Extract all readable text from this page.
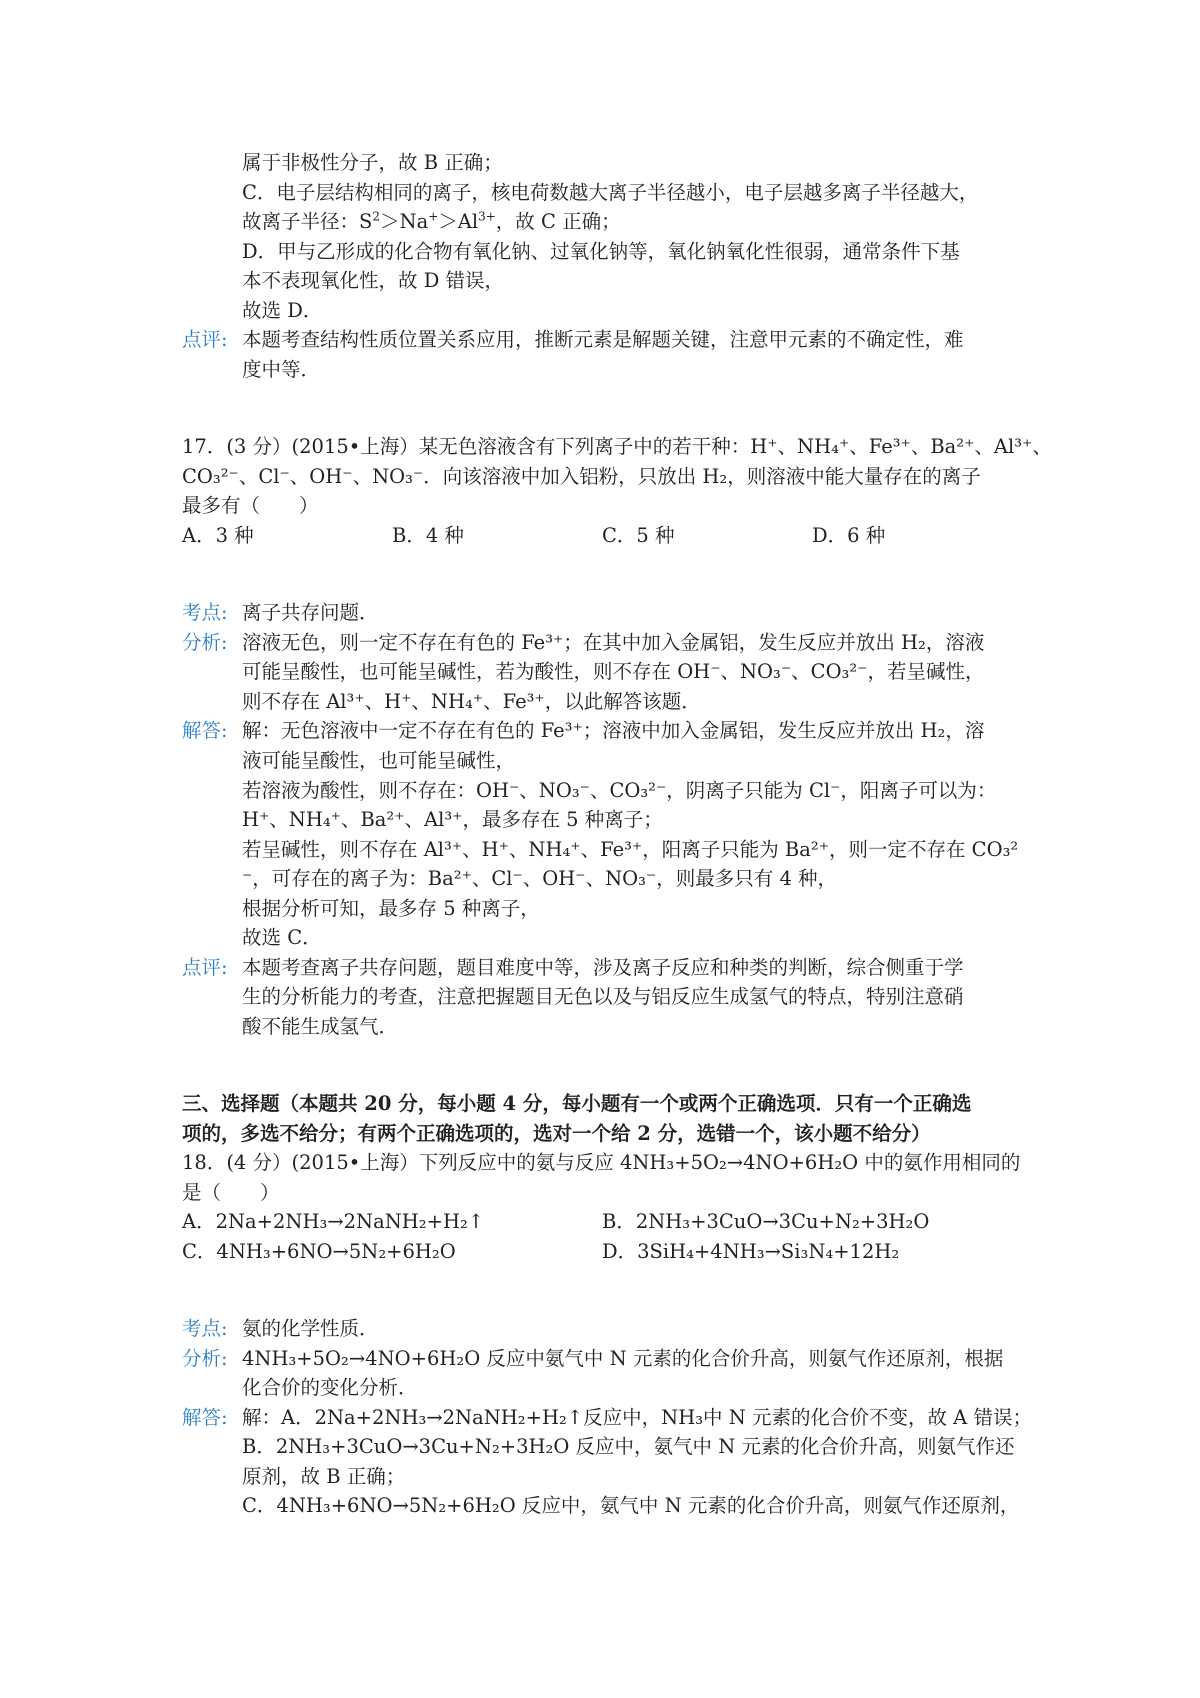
属于非极性分子，故 B 正确；
C．电子层结构相同的离子，核电荷数越大离子半径越小，电子层越多离子半径越大，
故离子半径：$S^2>Na^+>Al^{3+}$，故 C 正确；
D．甲与乙形成的化合物有氧化钠、过氧化钠等，氧化钠氧化性很弱，通常条件下基
本不表现氧化性，故 D 错误，
故选 D．
点评: 本题考查结构性质位置关系应用，推断元素是解题关键，注意甲元素的不确定性，难
度中等．
17．(3 分）(2015•上海）某无色溶液含有下列离子中的若干种：H⁺、NH₄⁺、Fe³⁺、Ba²⁺、Al³⁺、
CO₃²⁻、Cl⁻、OH⁻、NO₃⁻．向该溶液中加入铝粉，只放出 H₂，则溶液中能大量存在的离子
最多有（　　）
A．3 种	B．4 种	C．5 种	D．6 种
考点: 离子共存问题．
分析: 溶液无色，则一定不存在有色的 Fe³⁺；在其中加入金属铝，发生反应并放出 H₂，溶液
可能呈酸性，也可能呈碱性，若为酸性，则不存在 OH⁻、NO₃⁻、CO₃²⁻，若呈碱性，
则不存在 Al³⁺、H⁺、NH₄⁺、Fe³⁺，以此解答该题．
解答: 解：无色溶液中一定不存在有色的 Fe³⁺；溶液中加入金属铝，发生反应并放出 H₂，溶
液可能呈酸性，也可能呈碱性，
若溶液为酸性，则不存在：OH⁻、NO₃⁻、CO₃²⁻，阴离子只能为 Cl⁻，阳离子可以为：
H⁺、NH₄⁺、Ba²⁺、Al³⁺，最多存在 5 种离子；
若呈碱性，则不存在 Al³⁺、H⁺、NH₄⁺、Fe³⁺，阳离子只能为 Ba²⁺，则一定不存在 CO₃²
⁻，可存在的离子为：Ba²⁺、Cl⁻、OH⁻、NO₃⁻，则最多只有 4 种，
根据分析可知，最多存 5 种离子，
故选 C．
点评: 本题考查离子共存问题，题目难度中等，涉及离子反应和种类的判断，综合侧重于学
生的分析能力的考查，注意把握题目无色以及与铝反应生成氢气的特点，特别注意硝
酸不能生成氢气．
三、选择题（本题共 20 分，每小题 4 分，每小题有一个或两个正确选项．只有一个正确选
项的，多选不给分；有两个正确选项的，选对一个给 2 分，选错一个，该小题不给分）
18．(4 分）(2015•上海）下列反应中的氨与反应 4NH₃+5O₂→4NO+6H₂O 中的氨作用相同的
是（　　）
A．2Na+2NH₃→2NaNH₂+H₂↑	B．2NH₃+3CuO→3Cu+N₂+3H₂O
C．4NH₃+6NO→5N₂+6H₂O	D．3SiH₄+4NH₃→Si₃N₄+12H₂
考点: 氨的化学性质．
分析: 4NH₃+5O₂→4NO+6H₂O 反应中氨气中 N 元素的化合价升高，则氨气作还原剂，根据
化合价的变化分析．
解答: 解：A．2Na+2NH₃→2NaNH₂+H₂↑反应中，NH₃中 N 元素的化合价不变，故 A 错误；
B．2NH₃+3CuO→3Cu+N₂+3H₂O 反应中，氨气中 N 元素的化合价升高，则氨气作还
原剂，故 B 正确；
C．4NH₃+6NO→5N₂+6H₂O 反应中，氨气中 N 元素的化合价升高，则氨气作还原剂，
